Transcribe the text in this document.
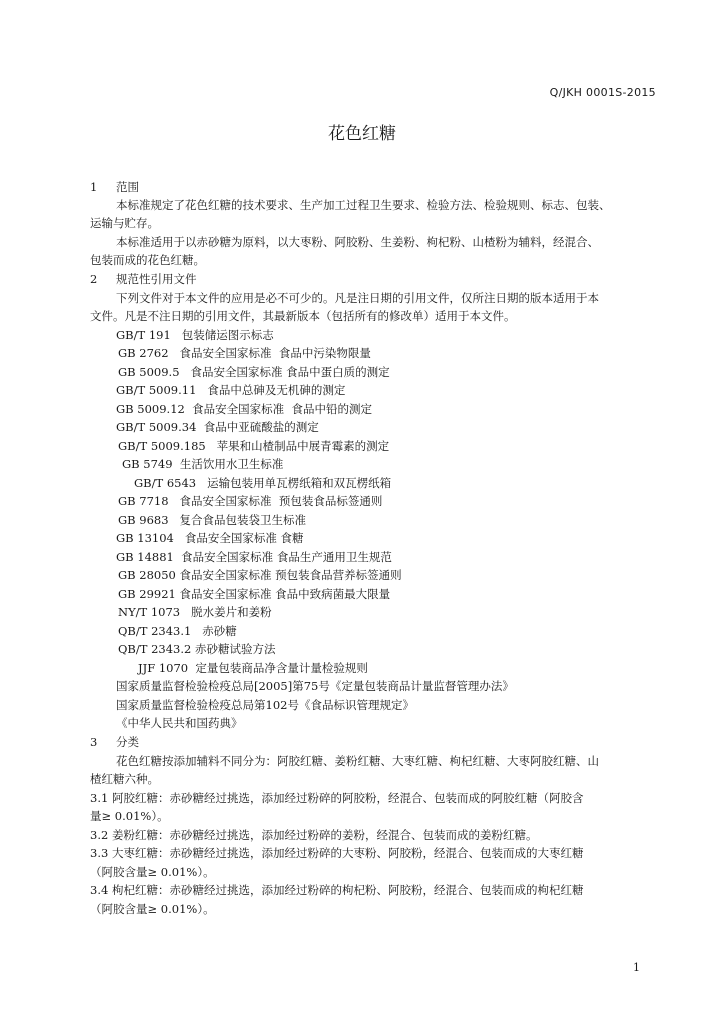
Q/JKH 0001S-2015
花色红糖
1 范围
本标准规定了花色红糖的技术要求、生产加工过程卫生要求、检验方法、检验规则、标志、包装、
运输与贮存。
本标准适用于以赤砂糖为原料，以大枣粉、阿胶粉、生姜粉、枸杞粉、山楂粉为辅料，经混合、
包装而成的花色红糖。
2 规范性引用文件
下列文件对于本文件的应用是必不可少的。凡是注日期的引用文件，仅所注日期的版本适用于本
文件。凡是不注日期的引用文件，其最新版本（包括所有的修改单）适用于本文件。
GB/T 191   包装储运图示标志
GB 2762   食品安全国家标准  食品中污染物限量
GB 5009.5   食品安全国家标准 食品中蛋白质的测定
GB/T 5009.11   食品中总砷及无机砷的测定
GB 5009.12  食品安全国家标准  食品中铅的测定
GB/T 5009.34  食品中亚硫酸盐的测定
GB/T 5009.185   苹果和山楂制品中展青霉素的测定
GB 5749  生活饮用水卫生标准
GB/T 6543   运输包装用单瓦楞纸箱和双瓦楞纸箱
GB 7718   食品安全国家标准  预包装食品标签通则
GB 9683   复合食品包装袋卫生标准
GB 13104   食品安全国家标准 食糖
GB 14881  食品安全国家标准 食品生产通用卫生规范
GB 28050 食品安全国家标准 预包装食品营养标签通则
GB 29921 食品安全国家标准 食品中致病菌最大限量
NY/T 1073   脱水姜片和姜粉
QB/T 2343.1   赤砂糖
QB/T 2343.2 赤砂糖试验方法
JJF 1070  定量包装商品净含量计量检验规则
国家质量监督检验检疫总局[2005]第75号《定量包装商品计量监督管理办法》
国家质量监督检验检疫总局第102号《食品标识管理规定》
《中华人民共和国药典》
3 分类
花色红糖按添加辅料不同分为：阿胶红糖、姜粉红糖、大枣红糖、枸杞红糖、大枣阿胶红糖、山
楂红糖六种。
3.1 阿胶红糖：赤砂糖经过挑选，添加经过粉碎的阿胶粉，经混合、包装而成的阿胶红糖（阿胶含
量≥ 0.01%）。
3.2 姜粉红糖：赤砂糖经过挑选，添加经过粉碎的姜粉，经混合、包装而成的姜粉红糖。
3.3 大枣红糖：赤砂糖经过挑选，添加经过粉碎的大枣粉、阿胶粉，经混合、包装而成的大枣红糖
（阿胶含量≥ 0.01%）。
3.4 枸杞红糖：赤砂糖经过挑选，添加经过粉碎的枸杞粉、阿胶粉，经混合、包装而成的枸杞红糖
（阿胶含量≥ 0.01%）。
1
